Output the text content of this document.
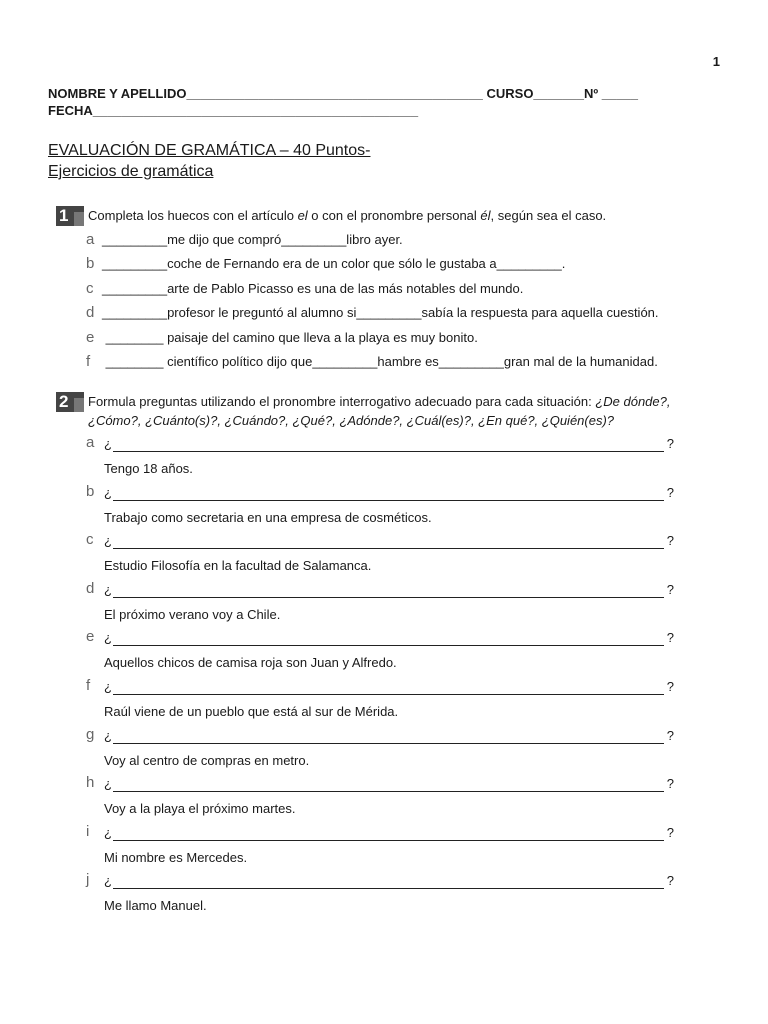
1
NOMBRE Y APELLIDO_________________________________________ CURSO_______Nº _____
FECHA_____________________________________________
EVALUACIÓN DE GRAMÁTICA – 40 Puntos-
Ejercicios de gramática
1	Completa los huecos con el artículo el o con el pronombre personal él, según sea el caso.
a _________me dijo que compró_________libro ayer.
b _________coche de Fernando era de un color que sólo le gustaba a_________.
c _________arte de Pablo Picasso es una de las más notables del mundo.
d _________profesor le preguntó al alumno si_________sabía la respuesta para aquella cuestión.
e ________ paisaje del camino que lleva a la playa es muy bonito.
f ________ científico político dijo que_________hambre es_________gran mal de la humanidad.
2	Formula preguntas utilizando el pronombre interrogativo adecuado para cada situación: ¿De dónde?, ¿Cómo?, ¿Cuánto(s)?, ¿Cuándo?, ¿Qué?, ¿Adónde?, ¿Cuál(es)?, ¿En qué?, ¿Quién(es)?
a ¿	?
Tengo 18 años.
b ¿	?
Trabajo como secretaria en una empresa de cosméticos.
c ¿	?
Estudio Filosofía en la facultad de Salamanca.
d ¿	?
El próximo verano voy a Chile.
e ¿	?
Aquellos chicos de camisa roja son Juan y Alfredo.
f ¿	?
Raúl viene de un pueblo que está al sur de Mérida.
g ¿	?
Voy al centro de compras en metro.
h ¿	?
Voy a la playa el próximo martes.
i ¿	?
Mi nombre es Mercedes.
j ¿	?
Me llamo Manuel.
